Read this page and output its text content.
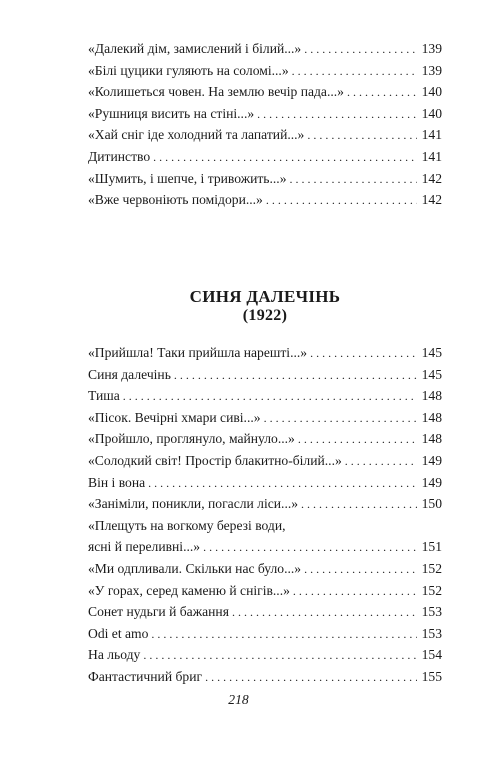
«Далекий дім, замислений і білий...» . . .	139
«Білі цуцики гуляють на соломі...» . . .	139
«Колишеться човен. На землю вечір пада...» . . .	140
«Рушниця висить на стіні...» . . .	140
«Хай сніг іде холодний та лапатий...» . . .	141
Дитинство . . .	141
«Шумить, і шепче, і тривожить...» . . .	142
«Вже червоніють помідори...» . . .	142
СИНЯ ДАЛЕЧІНЬ
(1922)
«Прийшла! Таки прийшла нарешті...» . . .	145
Синя далечінь . . .	145
Тиша . . .	148
«Пісок. Вечірні хмари сиві...» . . .	148
«Пройшло, проглянуло, майнуло...» . . .	148
«Солодкий світ! Простір блакитно-білий...» . . .	149
Він і вона . . .	149
«Заніміли, поникли, погасли ліси...» . . .	150
«Плещуть на вогкому березі води,
ясні й переливні...» . . .	151
«Ми одпливали. Скільки нас було...» . . .	152
«У горах, серед каменю й снігів...» . . .	152
Сонет нудьги й бажання . . .	153
Odi et amo . . .	153
На льоду . . .	154
Фантастичний бриг . . .	155
218
